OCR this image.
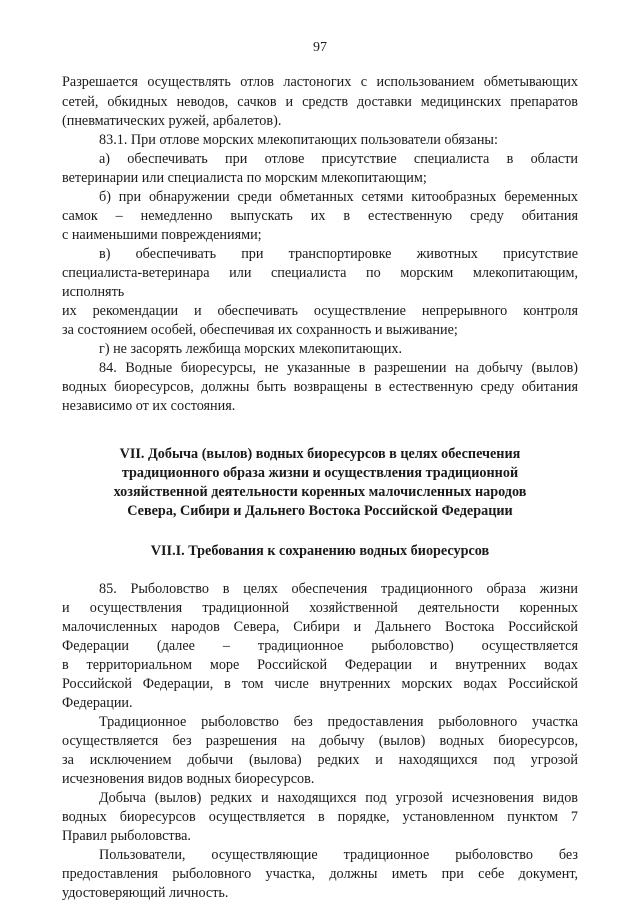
97
Разрешается осуществлять отлов ластоногих с использованием обметывающих
сетей, обкидных неводов, сачков и средств доставки медицинских препаратов
(пневматических ружей, арбалетов).
83.1. При отлове морских млекопитающих пользователи обязаны:
а) обеспечивать при отлове присутствие специалиста в области
ветеринарии или специалиста по морским млекопитающим;
б) при обнаружении среди обметанных сетями китообразных беременных
самок – немедленно выпускать их в естественную среду обитания
с наименьшими повреждениями;
в) обеспечивать при транспортировке животных присутствие
специалиста-ветеринара или специалиста по морским млекопитающим,
исполнять
их рекомендации и обеспечивать осуществление непрерывного контроля
за состоянием особей, обеспечивая их сохранность и выживание;
г) не засорять лежбища морских млекопитающих.
84. Водные биоресурсы, не указанные в разрешении на добычу (вылов)
водных биоресурсов, должны быть возвращены в естественную среду обитания
независимо от их состояния.
VII. Добыча (вылов) водных биоресурсов в целях обеспечения
традиционного образа жизни и осуществления традиционной
хозяйственной деятельности коренных малочисленных народов
Севера, Сибири и Дальнего Востока Российской Федерации
VII.I. Требования к сохранению водных биоресурсов
85. Рыболовство в целях обеспечения традиционного образа жизни
и осуществления традиционной хозяйственной деятельности коренных
малочисленных народов Севера, Сибири и Дальнего Востока Российской
Федерации (далее – традиционное рыболовство) осуществляется
в территориальном море Российской Федерации и внутренних водах
Российской Федерации, в том числе внутренних морских водах Российской
Федерации.
Традиционное рыболовство без предоставления рыболовного участка
осуществляется без разрешения на добычу (вылов) водных биоресурсов,
за исключением добычи (вылова) редких и находящихся под угрозой
исчезновения видов водных биоресурсов.
Добыча (вылов) редких и находящихся под угрозой исчезновения видов
водных биоресурсов осуществляется в порядке, установленном пунктом 7
Правил рыболовства.
Пользователи, осуществляющие традиционное рыболовство без
предоставления рыболовного участка, должны иметь при себе документ,
удостоверяющий личность.
